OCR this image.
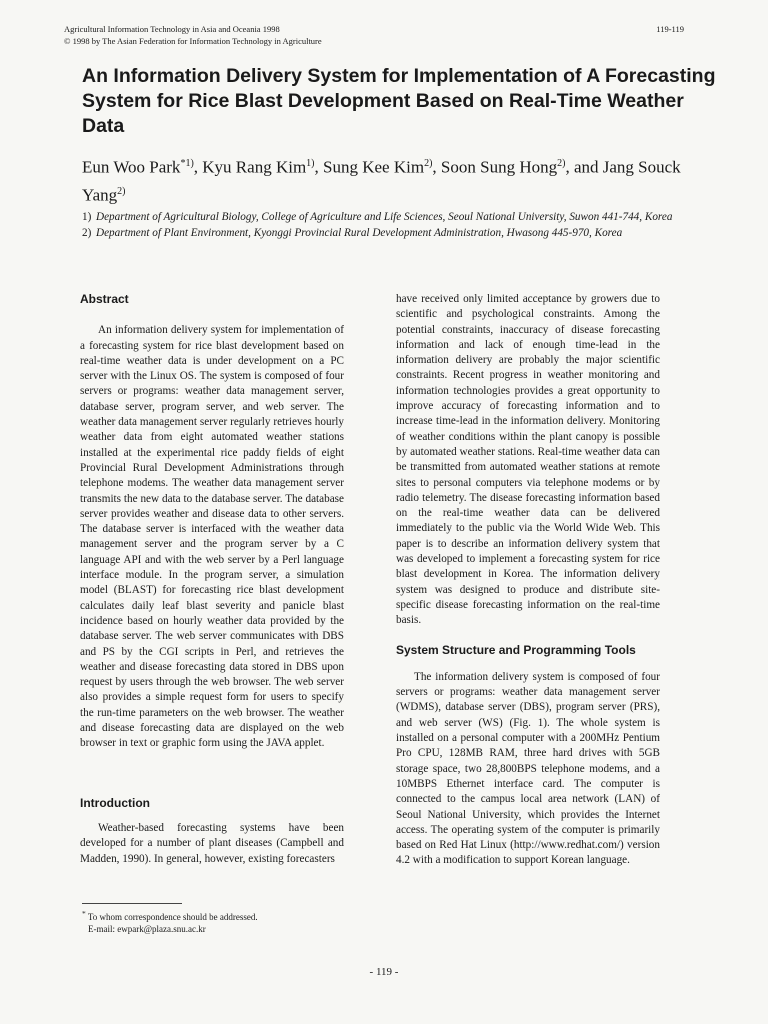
Agricultural Information Technology in Asia and Oceania 1998
© 1998 by The Asian Federation for Information Technology in Agriculture
119-119
An Information Delivery System for Implementation of A Forecasting System for Rice Blast Development Based on Real-Time Weather Data
Eun Woo Park$^{*1)}$, Kyu Rang Kim$^{1)}$, Sung Kee Kim$^{2)}$, Soon Sung Hong$^{2)}$, and Jang Souck Yang$^{2)}$
1) Department of Agricultural Biology, College of Agriculture and Life Sciences, Seoul National University, Suwon 441-744, Korea
2) Department of Plant Environment, Kyonggi Provincial Rural Development Administration, Hwasong 445-970, Korea
Abstract

An information delivery system for implementation of a forecasting system for rice blast development based on real-time weather data is under development on a PC server with the Linux OS. The system is composed of four servers or programs: weather data management server, database server, program server, and web server. The weather data management server regularly retrieves hourly weather data from eight automated weather stations installed at the experimental rice paddy fields of eight Provincial Rural Development Administrations through telephone modems. The weather data management server transmits the new data to the database server. The database server provides weather and disease data to other servers. The database server is interfaced with the weather data management server and the program server by a C language API and with the web server by a Perl language interface module. In the program server, a simulation model (BLAST) for forecasting rice blast development calculates daily leaf blast severity and panicle blast incidence based on hourly weather data provided by the database server. The web server communicates with DBS and PS by the CGI scripts in Perl, and retrieves the weather and disease forecasting data stored in DBS upon request by users through the web browser. The web server also provides a simple request form for users to specify the run-time parameters on the web browser. The weather and disease forecasting data are displayed on the web browser in text or graphic form using the JAVA applet.

Introduction

Weather-based forecasting systems have been developed for a number of plant diseases (Campbell and Madden, 1990). In general, however, existing forecasters

have received only limited acceptance by growers due to scientific and psychological constraints. Among the potential constraints, inaccuracy of disease forecasting information and lack of enough time-lead in the information delivery are probably the major scientific constraints. Recent progress in weather monitoring and information technologies provides a great opportunity to improve accuracy of forecasting information and to increase time-lead in the information delivery. Monitoring of weather conditions within the plant canopy is possible by automated weather stations. Real-time weather data can be transmitted from automated weather stations at remote sites to personal computers via telephone modems or by radio telemetry. The disease forecasting information based on the real-time weather data can be delivered immediately to the public via the World Wide Web. This paper is to describe an information delivery system that was developed to implement a forecasting system for rice blast development in Korea. The information delivery system was designed to produce and distribute site-specific disease forecasting information on the real-time basis.

System Structure and Programming Tools

The information delivery system is composed of four servers or programs: weather data management server (WDMS), database server (DBS), program server (PRS), and web server (WS) (Fig. 1). The whole system is installed on a personal computer with a 200MHz Pentium Pro CPU, 128MB RAM, three hard drives with 5GB storage space, two 28,800BPS telephone modems, and a 10MBPS Ethernet interface card. The computer is connected to the campus local area network (LAN) of Seoul National University, which provides the Internet access. The operating system of the computer is primarily based on Red Hat Linux (http://www.redhat.com/) version 4.2 with a modification to support Korean language.

* To whom correspondence should be addressed.
E-mail: ewpark@plaza.snu.ac.kr
- 119 -
